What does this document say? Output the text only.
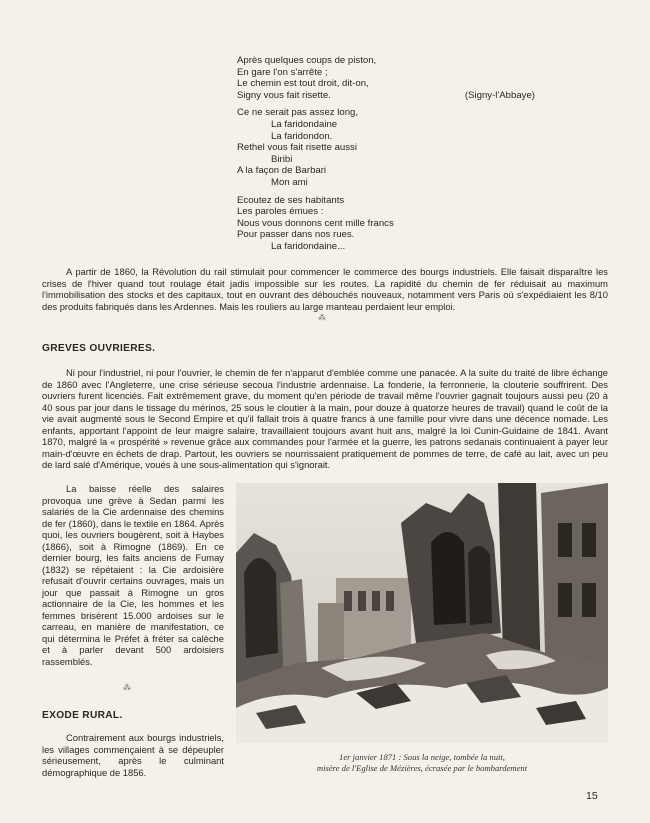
Après quelques coups de piston,
En gare l'on s'arrête ;
Le chemin est tout droit, dit-on,
Signy vous fait risette.	(Signy-l'Abbaye)
Ce ne serait pas assez long,
La faridondaine
La faridondon.
Rethel vous fait risette aussi
Biribi
A la façon de Barbari
Mon ami
Ecoutez de ses habitants
Les paroles émues :
Nous vous donnons cent mille francs
Pour passer dans nos rues.
La faridondaine...

A partir de 1860, la Révolution du rail stimulait pour commencer le commerce des bourgs industriels. Elle faisait disparaître les crises de l'hiver quand tout roulage était jadis impossible sur les routes. La rapidité du chemin de fer réduisait au maximum l'immobilisation des stocks et des capitaux, tout en ouvrant des débouchés nouveaux, notamment vers Paris où s'expédiaient les 8/10 des produits fabriqués dans les Ardennes. Mais les rouliers au large manteau perdaient leur emploi.

⁂
GREVES OUVRIERES.

Ni pour l'industriel, ni pour l'ouvrier, le chemin de fer n'apparut d'emblée comme une panacée. A la suite du traité de libre échange de 1860 avec l'Angleterre, une crise sérieuse secoua l'industrie ardennaise. La fonderie, la ferronnerie, la clouterie souffrirent. Des ouvriers furent licenciés. Fait extrêmement grave, du moment qu'en période de travail même l'ouvrier gagnait toujours aussi peu (20 à 40 sous par jour dans le tissage du mérinos, 25 sous le cloutier à la main, pour douze à quatorze heures de travail) quand le coût de la vie avait augmenté sous le Second Empire et qu'il fallait trois à quatre francs à une famille pour vivre dans une décence nomade. Les enfants, apportant l'appoint de leur maigre salaire, travaillaient toujours avant huit ans, malgré la loi Cunin-Guidaine de 1841. Avant 1870, malgré la « prospérité » revenue grâce aux commandes pour l'armée et la guerre, les patrons sedanais continuaient à payer leur main-d'œuvre en échets de drap. Partout, les ouvriers se nourrissaient pratiquement de pommes de terre, de café au lait, avec un peu de lard salé d'Amérique, voués à une sous-alimentation qui s'ignorait.

La baisse réelle des salaires provoqua une grève à Sedan parmi les salariés de la Cie ardennaise des chemins de fer (1860), dans le textile en 1864. Après quoi, les ouvriers bougèrent, soit à Haybes (1866), soit à Rimogne (1869). En ce dernier bourg, les faits anciens de Fumay (1832) se répétaient : la Cie ardoisière refusait d'ouvrir certains ouvrages, mais un jour que passait à Rimogne un gros actionnaire de la Cie, les hommes et les femmes brisèrent 15.000 ardoises sur le carreau, en manière de manifestation, ce qui détermina le Préfet à fréter sa calèche et à parler devant 500 ardoisiers rassemblés.

⁂
EXODE RURAL.

Contrairement aux bourgs industriels, les villages commençaient à se dépeupler sérieusement, après le culminant démographique de 1856.

1er janvier 1871 : Sous la neige, tombée la nuit,
misère de l'Eglise de Mézières, écrasée par le bombardement
15
